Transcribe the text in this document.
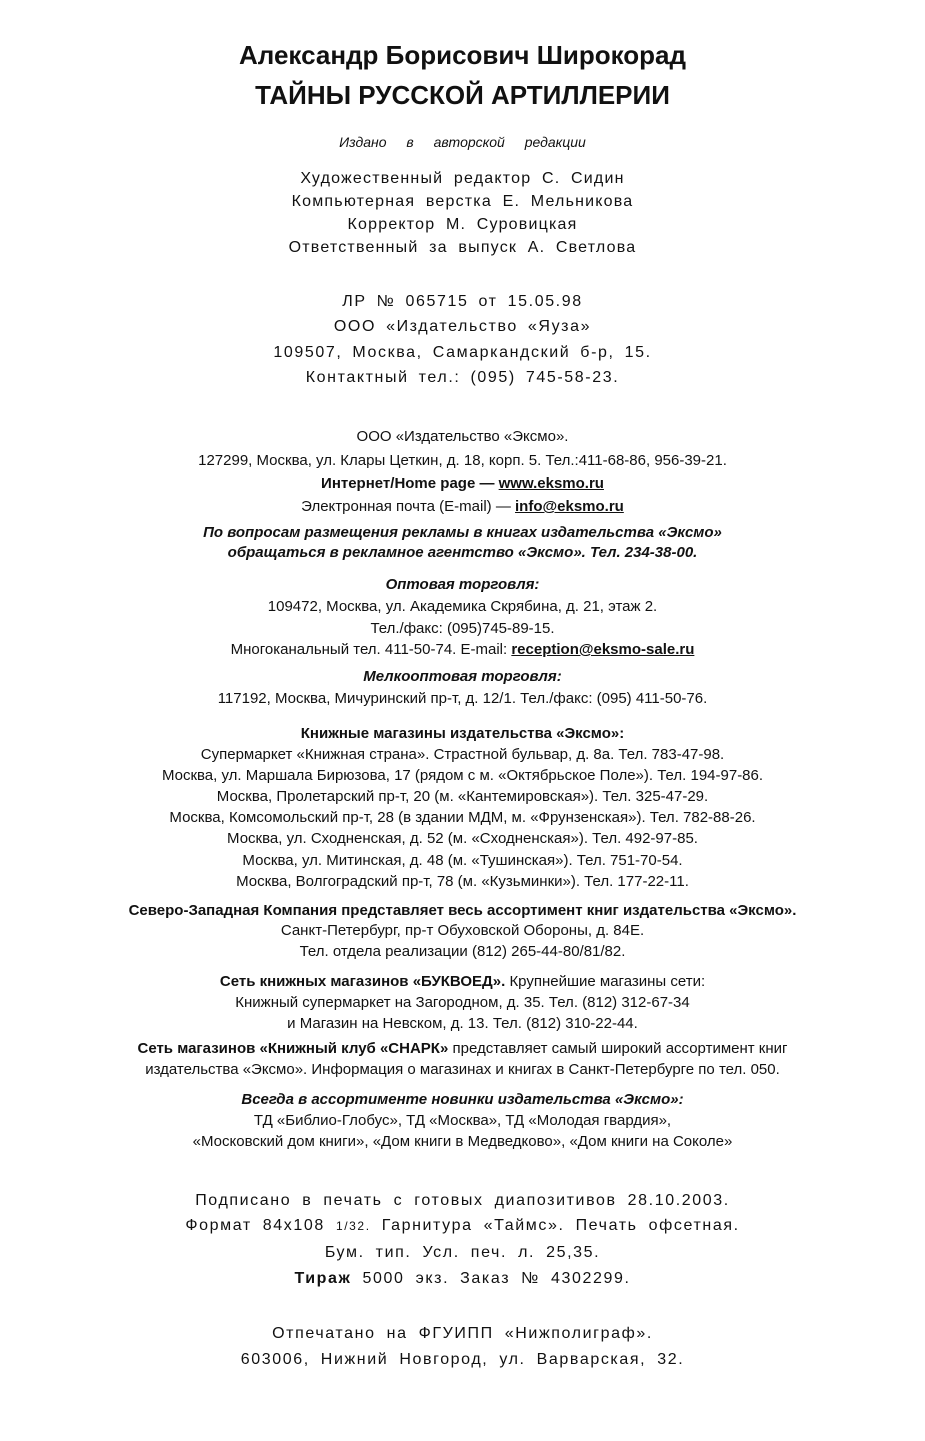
Александр Борисович Широкорад
ТАЙНЫ РУССКОЙ АРТИЛЛЕРИИ
Издано в авторской редакции
Художественный редактор С. Сидин
Компьютерная верстка Е. Мельникова
Корректор М. Суровицкая
Ответственный за выпуск А. Светлова
ЛР № 065715 от 15.05.98
ООО «Издательство «Яуза»
109507, Москва, Самаркандский б-р, 15.
Контактный тел.: (095) 745-58-23.
ООО «Издательство «Эксмо».
127299, Москва, ул. Клары Цеткин, д. 18, корп. 5. Тел.:411-68-86, 956-39-21.
Интернет/Home page — www.eksmo.ru
Электронная почта (E-mail) — info@eksmo.ru
По вопросам размещения рекламы в книгах издательства «Эксмо»
обращаться в рекламное агентство «Эксмо». Тел. 234-38-00.
Оптовая торговля:
109472, Москва, ул. Академика Скрябина, д. 21, этаж 2.
Тел./факс: (095)745-89-15.
Многоканальный тел. 411-50-74. E-mail: reception@eksmo-sale.ru
Мелкооптовая торговля:
117192, Москва, Мичуринский пр-т, д. 12/1. Тел./факс: (095) 411-50-76.
Книжные магазины издательства «Эксмо»:
Супермаркет «Книжная страна». Страстной бульвар, д. 8а. Тел. 783-47-98.
Москва, ул. Маршала Бирюзова, 17 (рядом с м. «Октябрьское Поле»). Тел. 194-97-86.
Москва, Пролетарский пр-т, 20 (м. «Кантемировская»). Тел. 325-47-29.
Москва, Комсомольский пр-т, 28 (в здании МДМ, м. «Фрунзенская»). Тел. 782-88-26.
Москва, ул. Сходненская, д. 52 (м. «Сходненская»). Тел. 492-97-85.
Москва, ул. Митинская, д. 48 (м. «Тушинская»). Тел. 751-70-54.
Москва, Волгоградский пр-т, 78 (м. «Кузьминки»). Тел. 177-22-11.
Северо-Западная Компания представляет весь ассортимент книг издательства «Эксмо».
Санкт-Петербург, пр-т Обуховской Обороны, д. 84Е.
Тел. отдела реализации (812) 265-44-80/81/82.
Сеть книжных магазинов «БУКВОЕД». Крупнейшие магазины сети:
Книжный супермаркет на Загородном, д. 35. Тел. (812) 312-67-34
и Магазин на Невском, д. 13. Тел. (812) 310-22-44.
Сеть магазинов «Книжный клуб «СНАРК» представляет самый широкий ассортимент книг
издательства «Эксмо». Информация о магазинах и книгах в Санкт-Петербурге по тел. 050.
Всегда в ассортименте новинки издательства «Эксмо»:
ТД «Библио-Глобус», ТД «Москва», ТД «Молодая гвардия»,
«Московский дом книги», «Дом книги в Медведково», «Дом книги на Соколе»
Подписано в печать с готовых диапозитивов 28.10.2003.
Формат 84х108 1/32. Гарнитура «Таймс». Печать офсетная.
Бум. тип. Усл. печ. л. 25,35.
Тираж 5000 экз. Заказ № 4302299.
Отпечатано на ФГУИПП «Нижполиграф».
603006, Нижний Новгород, ул. Варварская, 32.
